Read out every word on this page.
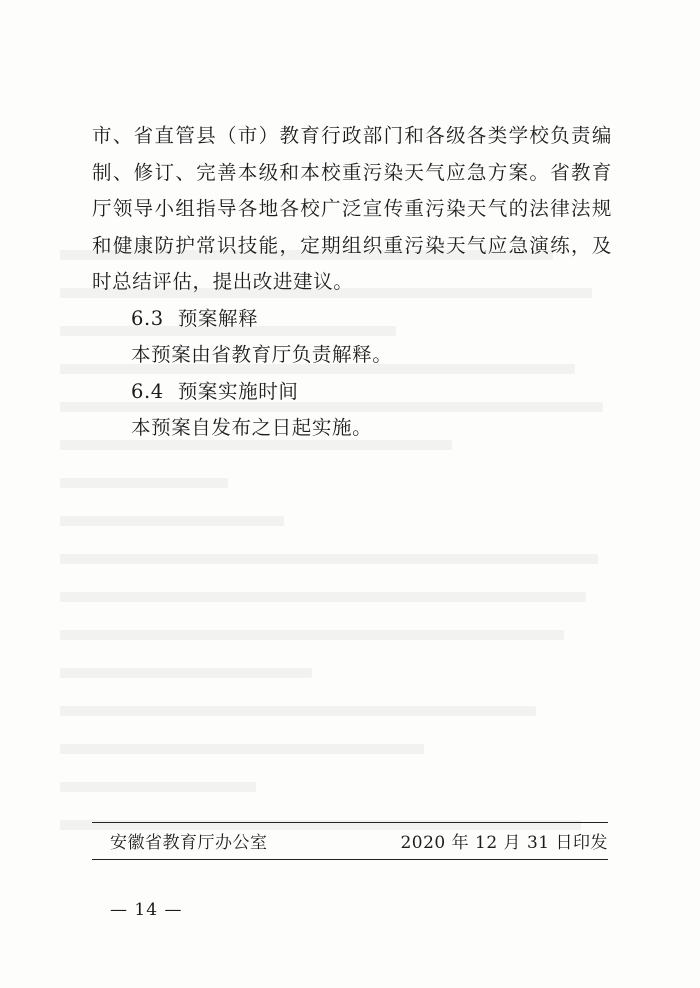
市、省直管县（市）教育行政部门和各级各类学校负责编制、修订、完善本级和本校重污染天气应急方案。省教育厅领导小组指导各地各校广泛宣传重污染天气的法律法规和健康防护常识技能，定期组织重污染天气应急演练，及时总结评估，提出改进建议。

6.3 预案解释

本预案由省教育厅负责解释。

6.4 预案实施时间

本预案自发布之日起实施。

安徽省教育厅办公室	2020 年 12 月 31 日印发
— 14 —
